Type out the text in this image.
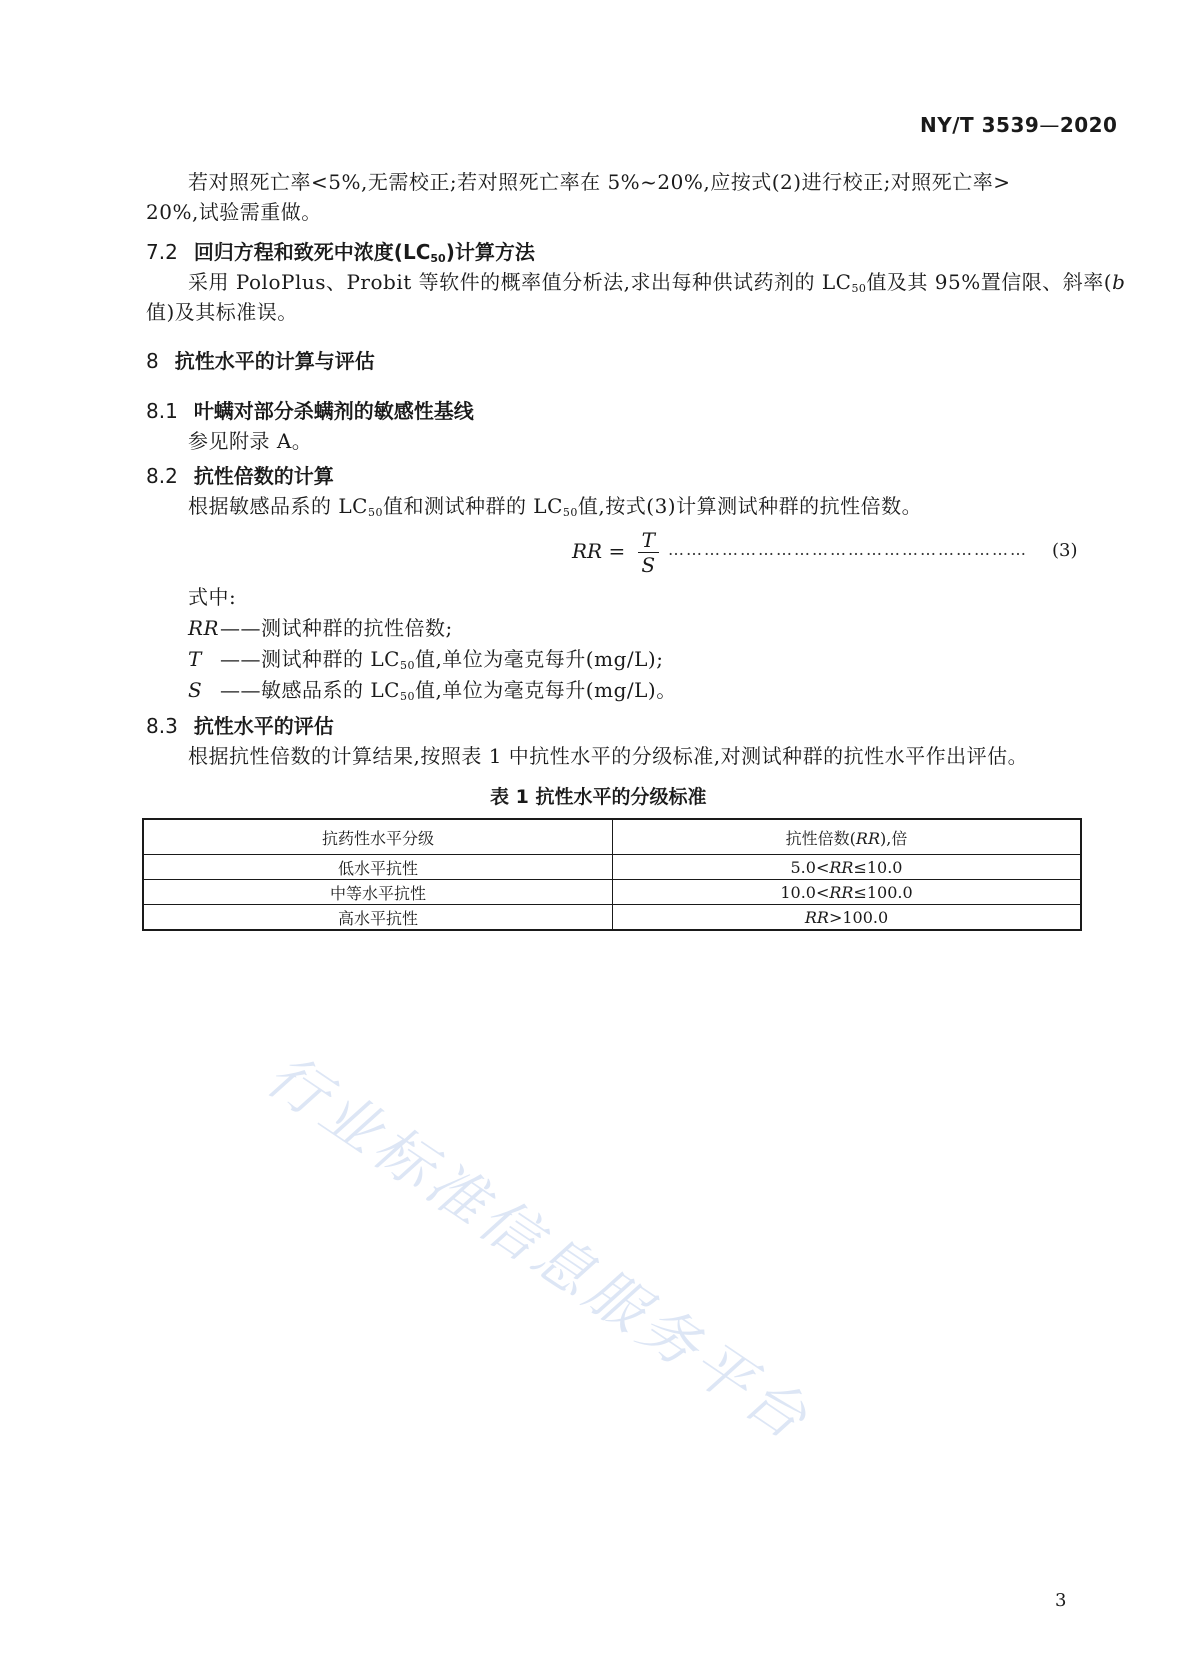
NY/T 3539—2020
若对照死亡率<5%,无需校正;若对照死亡率在 5%~20%,应按式(2)进行校正;对照死亡率>
20%,试验需重做。
7.2 回归方程和致死中浓度$(LC_{50})$计算方法
采用 PoloPlus、Probit 等软件的概率值分析法,求出每种供试药剂的 $LC_{50}$值及其 95%置信限、斜率(b
值)及其标准误。
8 抗性水平的计算与评估
8.1 叶螨对部分杀螨剂的敏感性基线
参见附录 A。
8.2 抗性倍数的计算
根据敏感品系的 $LC_{50}$值和测试种群的 $LC_{50}$值,按式(3)计算测试种群的抗性倍数。
RR = $\frac{T}{S}$ …………………………………………………… (3)
式中:
RR——测试种群的抗性倍数;
T ——测试种群的 $LC_{50}$值,单位为毫克每升(mg/L);
S ——敏感品系的 $LC_{50}$值,单位为毫克每升(mg/L)。
8.3 抗性水平的评估
根据抗性倍数的计算结果,按照表 1 中抗性水平的分级标准,对测试种群的抗性水平作出评估。
表 1 抗性水平的分级标准
抗药性水平分级	抗性倍数(RR),倍
低水平抗性	5.0<RR≤10.0
中等水平抗性	10.0<RR≤100.0
高水平抗性	RR>100.0
行业标准信息服务平台
3
